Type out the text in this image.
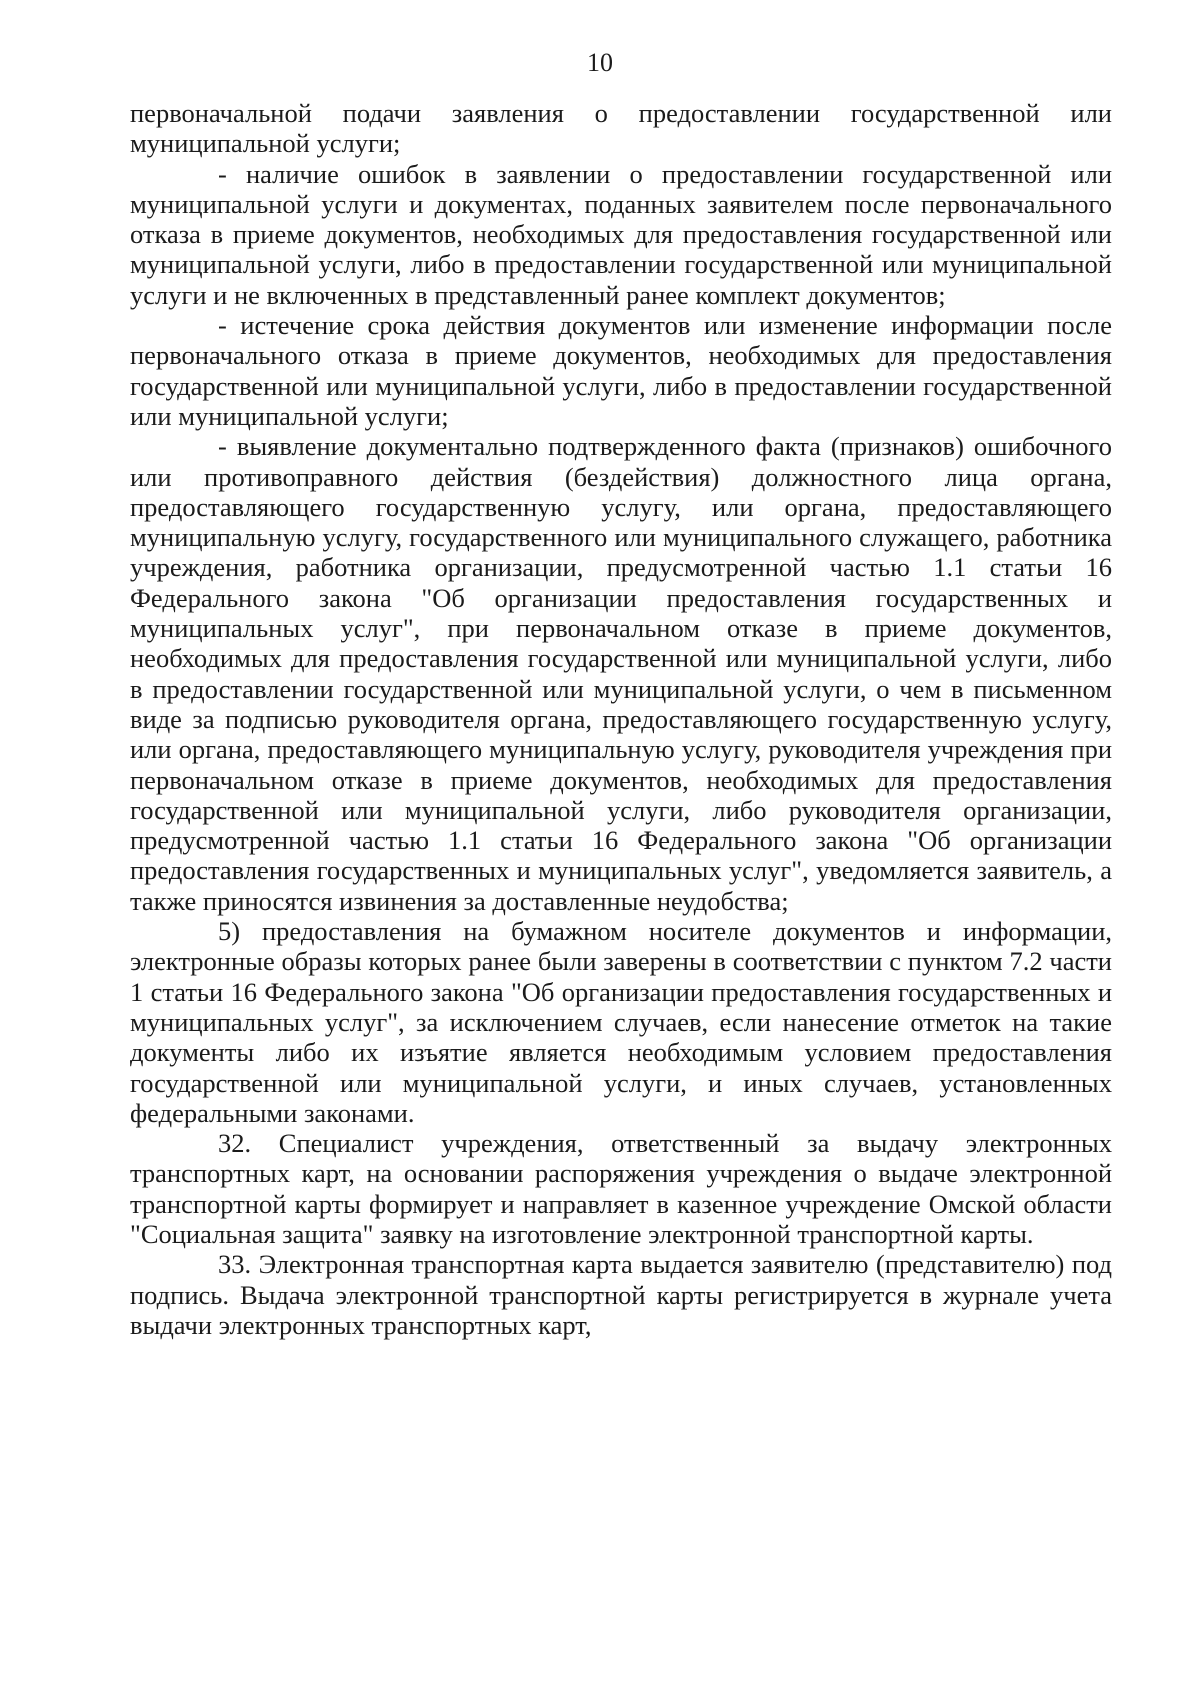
10

первоначальной подачи заявления о предоставлении государственной или муниципальной услуги;

- наличие ошибок в заявлении о предоставлении государственной или муниципальной услуги и документах, поданных заявителем после первоначального отказа в приеме документов, необходимых для предоставления государственной или муниципальной услуги, либо в предоставлении государственной или муниципальной услуги и не включенных в представленный ранее комплект документов;

- истечение срока действия документов или изменение информации после первоначального отказа в приеме документов, необходимых для предоставления государственной или муниципальной услуги, либо в предоставлении государственной или муниципальной услуги;

- выявление документально подтвержденного факта (признаков) ошибочного или противоправного действия (бездействия) должностного лица органа, предоставляющего государственную услугу, или органа, предоставляющего муниципальную услугу, государственного или муниципального служащего, работника учреждения, работника организации, предусмотренной частью 1.1 статьи 16 Федерального закона "Об организации предоставления государственных и муниципальных услуг", при первоначальном отказе в приеме документов, необходимых для предоставления государственной или муниципальной услуги, либо в предоставлении государственной или муниципальной услуги, о чем в письменном виде за подписью руководителя органа, предоставляющего государственную услугу, или органа, предоставляющего муниципальную услугу, руководителя учреждения при первоначальном отказе в приеме документов, необходимых для предоставления государственной или муниципальной услуги, либо руководителя организации, предусмотренной частью 1.1 статьи 16 Федерального закона "Об организации предоставления государственных и муниципальных услуг", уведомляется заявитель, а также приносятся извинения за доставленные неудобства;

5) предоставления на бумажном носителе документов и информации, электронные образы которых ранее были заверены в соответствии с пунктом 7.2 части 1 статьи 16 Федерального закона "Об организации предоставления государственных и муниципальных услуг", за исключением случаев, если нанесение отметок на такие документы либо их изъятие является необходимым условием предоставления государственной или муниципальной услуги, и иных случаев, установленных федеральными законами.

32. Специалист учреждения, ответственный за выдачу электронных транспортных карт, на основании распоряжения учреждения о выдаче электронной транспортной карты формирует и направляет в казенное учреждение Омской области "Социальная защита" заявку на изготовление электронной транспортной карты.

33. Электронная транспортная карта выдается заявителю (представителю) под подпись. Выдача электронной транспортной карты регистрируется в журнале учета выдачи электронных транспортных карт,
